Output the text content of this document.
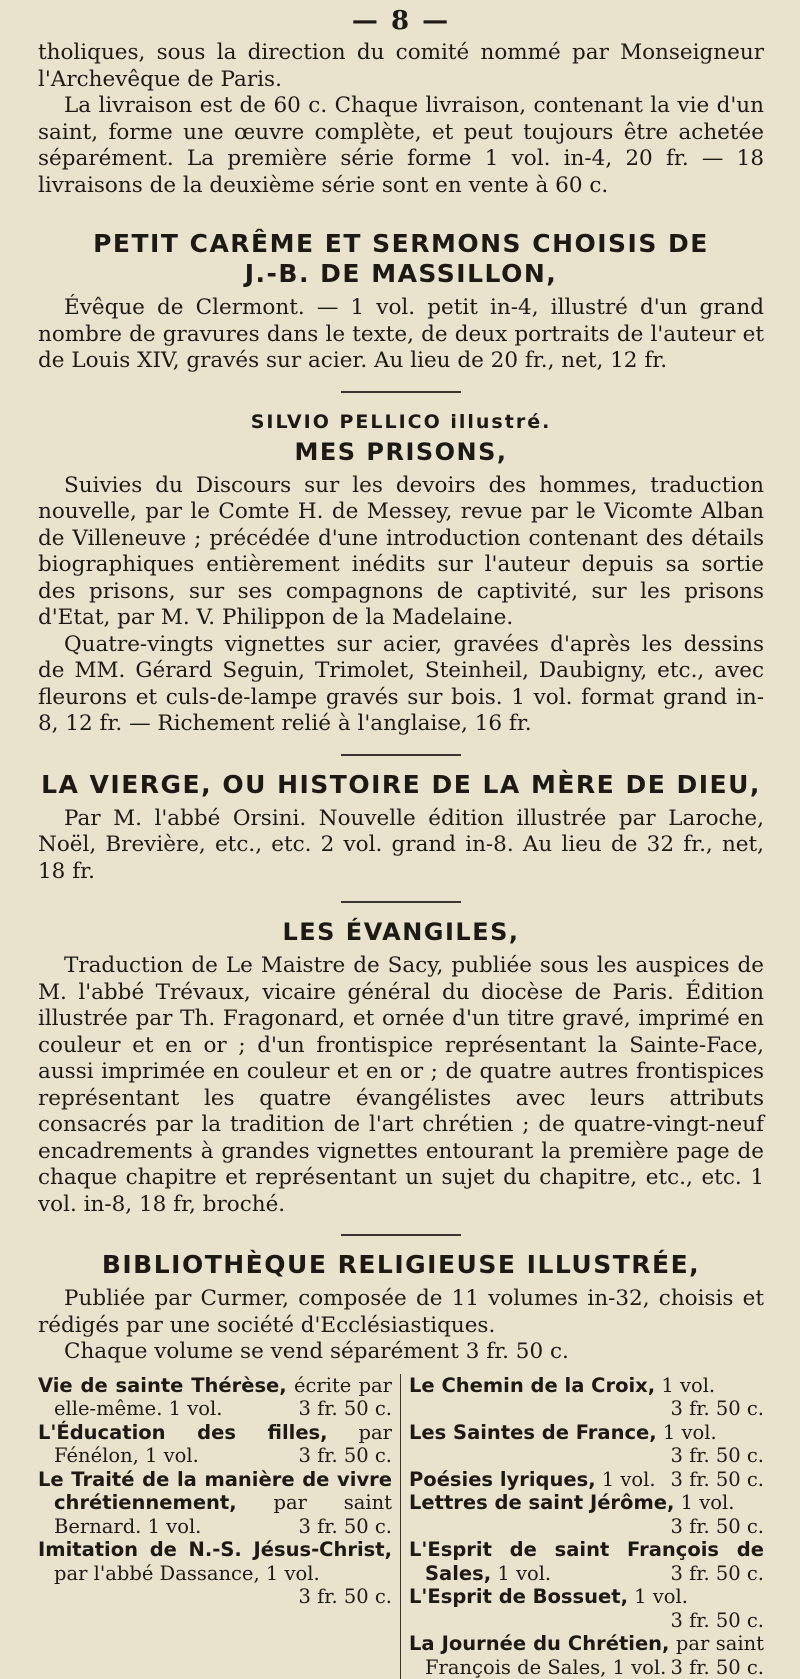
— 8 —

tholiques, sous la direction du comité nommé par Monseigneur l'Archevêque de Paris.

La livraison est de 60 c. Chaque livraison, contenant la vie d'un saint, forme une œuvre complète, et peut toujours être achetée séparément. La première série forme 1 vol. in-4, 20 fr. — 18 livraisons de la deuxième série sont en vente à 60 c.

PETIT CARÊME ET SERMONS CHOISIS DE
J.-B. DE MASSILLON,

Évêque de Clermont. — 1 vol. petit in-4, illustré d'un grand nombre de gravures dans le texte, de deux portraits de l'auteur et de Louis XIV, gravés sur acier. Au lieu de 20 fr., net, 12 fr.

SILVIO PELLICO illustré.
MES PRISONS,

Suivies du Discours sur les devoirs des hommes, traduction nouvelle, par le Comte H. de Messey, revue par le Vicomte Alban de Villeneuve ; précédée d'une introduction contenant des détails biographiques entièrement inédits sur l'auteur depuis sa sortie des prisons, sur ses compagnons de captivité, sur les prisons d'Etat, par M. V. Philippon de la Madelaine.

Quatre-vingts vignettes sur acier, gravées d'après les dessins de MM. Gérard Seguin, Trimolet, Steinheil, Daubigny, etc., avec fleurons et culs-de-lampe gravés sur bois. 1 vol. format grand in-8, 12 fr. — Richement relié à l'anglaise, 16 fr.

LA VIERGE, OU HISTOIRE DE LA MÈRE DE DIEU,

Par M. l'abbé Orsini. Nouvelle édition illustrée par Laroche, Noël, Brevière, etc., etc. 2 vol. grand in-8. Au lieu de 32 fr., net, 18 fr.

LES ÉVANGILES,

Traduction de Le Maistre de Sacy, publiée sous les auspices de M. l'abbé Trévaux, vicaire général du diocèse de Paris. Édition illustrée par Th. Fragonard, et ornée d'un titre gravé, imprimé en couleur et en or ; d'un frontispice représentant la Sainte-Face, aussi imprimée en couleur et en or ; de quatre autres frontispices représentant les quatre évangélistes avec leurs attributs consacrés par la tradition de l'art chrétien ; de quatre-vingt-neuf encadrements à grandes vignettes entourant la première page de chaque chapitre et représentant un sujet du chapitre, etc., etc. 1 vol. in-8, 18 fr, broché.

BIBLIOTHÈQUE RELIGIEUSE ILLUSTRÉE,

Publiée par Curmer, composée de 11 volumes in-32, choisis et rédigés par une société d'Ecclésiastiques.

Chaque volume se vend séparément 3 fr. 50 c.

Vie de sainte Thérèse, écrite par elle-même. 1 vol.	3 fr. 50 c.
L'Éducation des filles, par Fénélon, 1 vol.	3 fr. 50 c.
Le Traité de la manière de vivre chrétiennement, par saint Bernard. 1 vol.	3 fr. 50 c.
Imitation de N.-S. Jésus-Christ, par l'abbé Dassance, 1 vol.
3 fr. 50 c.
Le Chemin de la Croix, 1 vol.
3 fr. 50 c.
Les Saintes de France, 1 vol.
3 fr. 50 c.
Poésies lyriques, 1 vol. 3 fr. 50 c.
Lettres de saint Jérôme, 1 vol.
3 fr. 50 c.
L'Esprit de saint François de Sales, 1 vol.	3 fr. 50 c.
L'Esprit de Bossuet, 1 vol.
3 fr. 50 c.
La Journée du Chrétien, par saint François de Sales, 1 vol. 3 fr. 50 c.
